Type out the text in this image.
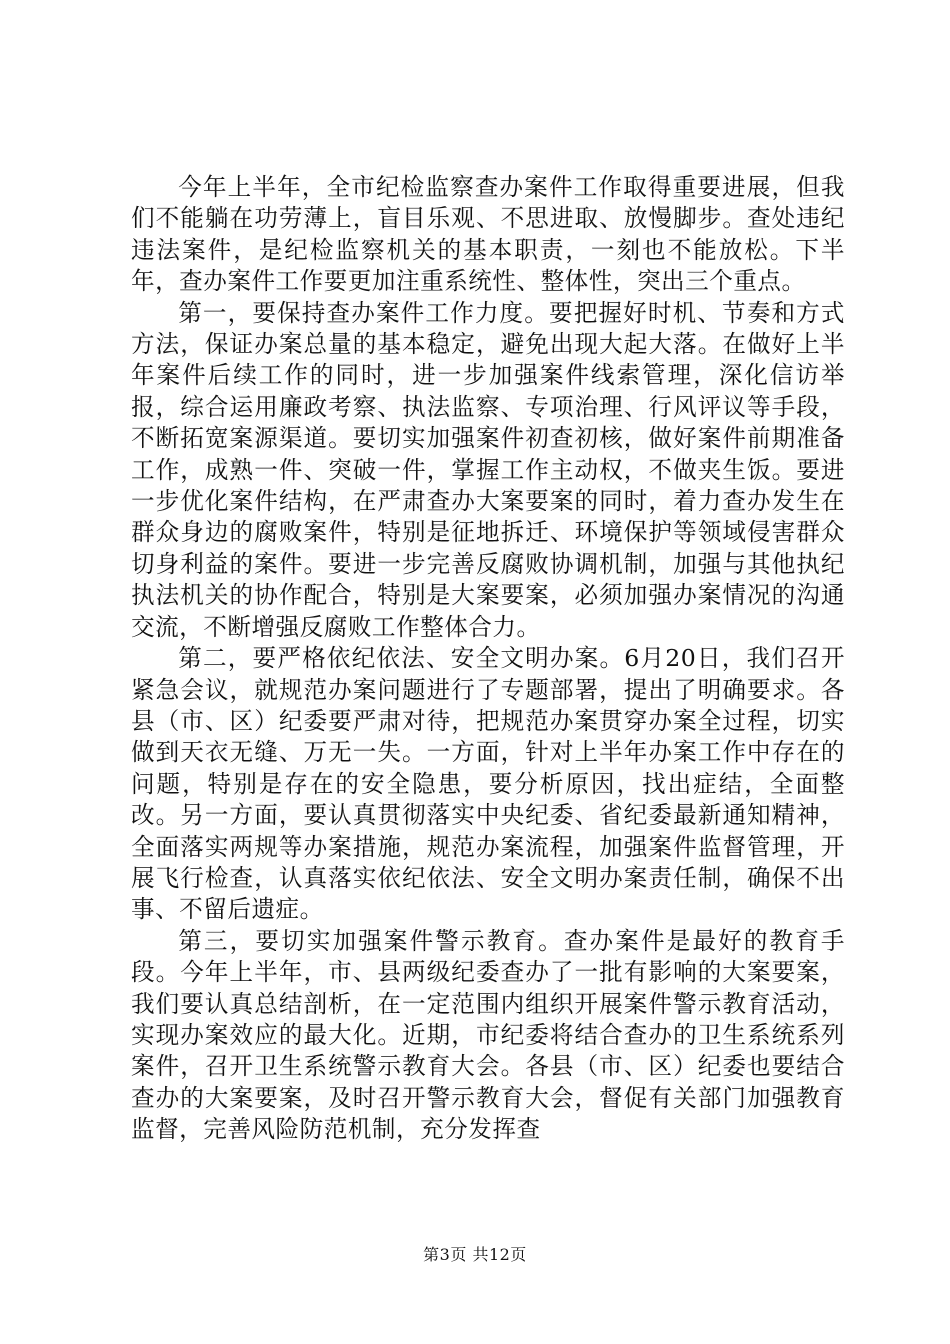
今年上半年，全市纪检监察查办案件工作取得重要进展，但我们不能躺在功劳薄上，盲目乐观、不思进取、放慢脚步。查处违纪违法案件，是纪检监察机关的基本职责，一刻也不能放松。下半年，查办案件工作要更加注重系统性、整体性，突出三个重点。

第一，要保持查办案件工作力度。要把握好时机、节奏和方式方法，保证办案总量的基本稳定，避免出现大起大落。在做好上半年案件后续工作的同时，进一步加强案件线索管理，深化信访举报，综合运用廉政考察、执法监察、专项治理、行风评议等手段，不断拓宽案源渠道。要切实加强案件初查初核，做好案件前期准备工作，成熟一件、突破一件，掌握工作主动权，不做夹生饭。要进一步优化案件结构，在严肃查办大案要案的同时，着力查办发生在群众身边的腐败案件，特别是征地拆迁、环境保护等领域侵害群众切身利益的案件。要进一步完善反腐败协调机制，加强与其他执纪执法机关的协作配合，特别是大案要案，必须加强办案情况的沟通交流，不断增强反腐败工作整体合力。

第二，要严格依纪依法、安全文明办案。6月20日，我们召开紧急会议，就规范办案问题进行了专题部署，提出了明确要求。各县（市、区）纪委要严肃对待，把规范办案贯穿办案全过程，切实做到天衣无缝、万无一失。一方面，针对上半年办案工作中存在的问题，特别是存在的安全隐患，要分析原因，找出症结，全面整改。另一方面，要认真贯彻落实中央纪委、省纪委最新通知精神，全面落实两规等办案措施，规范办案流程，加强案件监督管理，开展飞行检查，认真落实依纪依法、安全文明办案责任制，确保不出事、不留后遗症。

第三，要切实加强案件警示教育。查办案件是最好的教育手段。今年上半年，市、县两级纪委查办了一批有影响的大案要案，我们要认真总结剖析，在一定范围内组织开展案件警示教育活动，实现办案效应的最大化。近期，市纪委将结合查办的卫生系统系列案件，召开卫生系统警示教育大会。各县（市、区）纪委也要结合查办的大案要案，及时召开警示教育大会，督促有关部门加强教育监督，完善风险防范机制，充分发挥查

第3页 共12页
